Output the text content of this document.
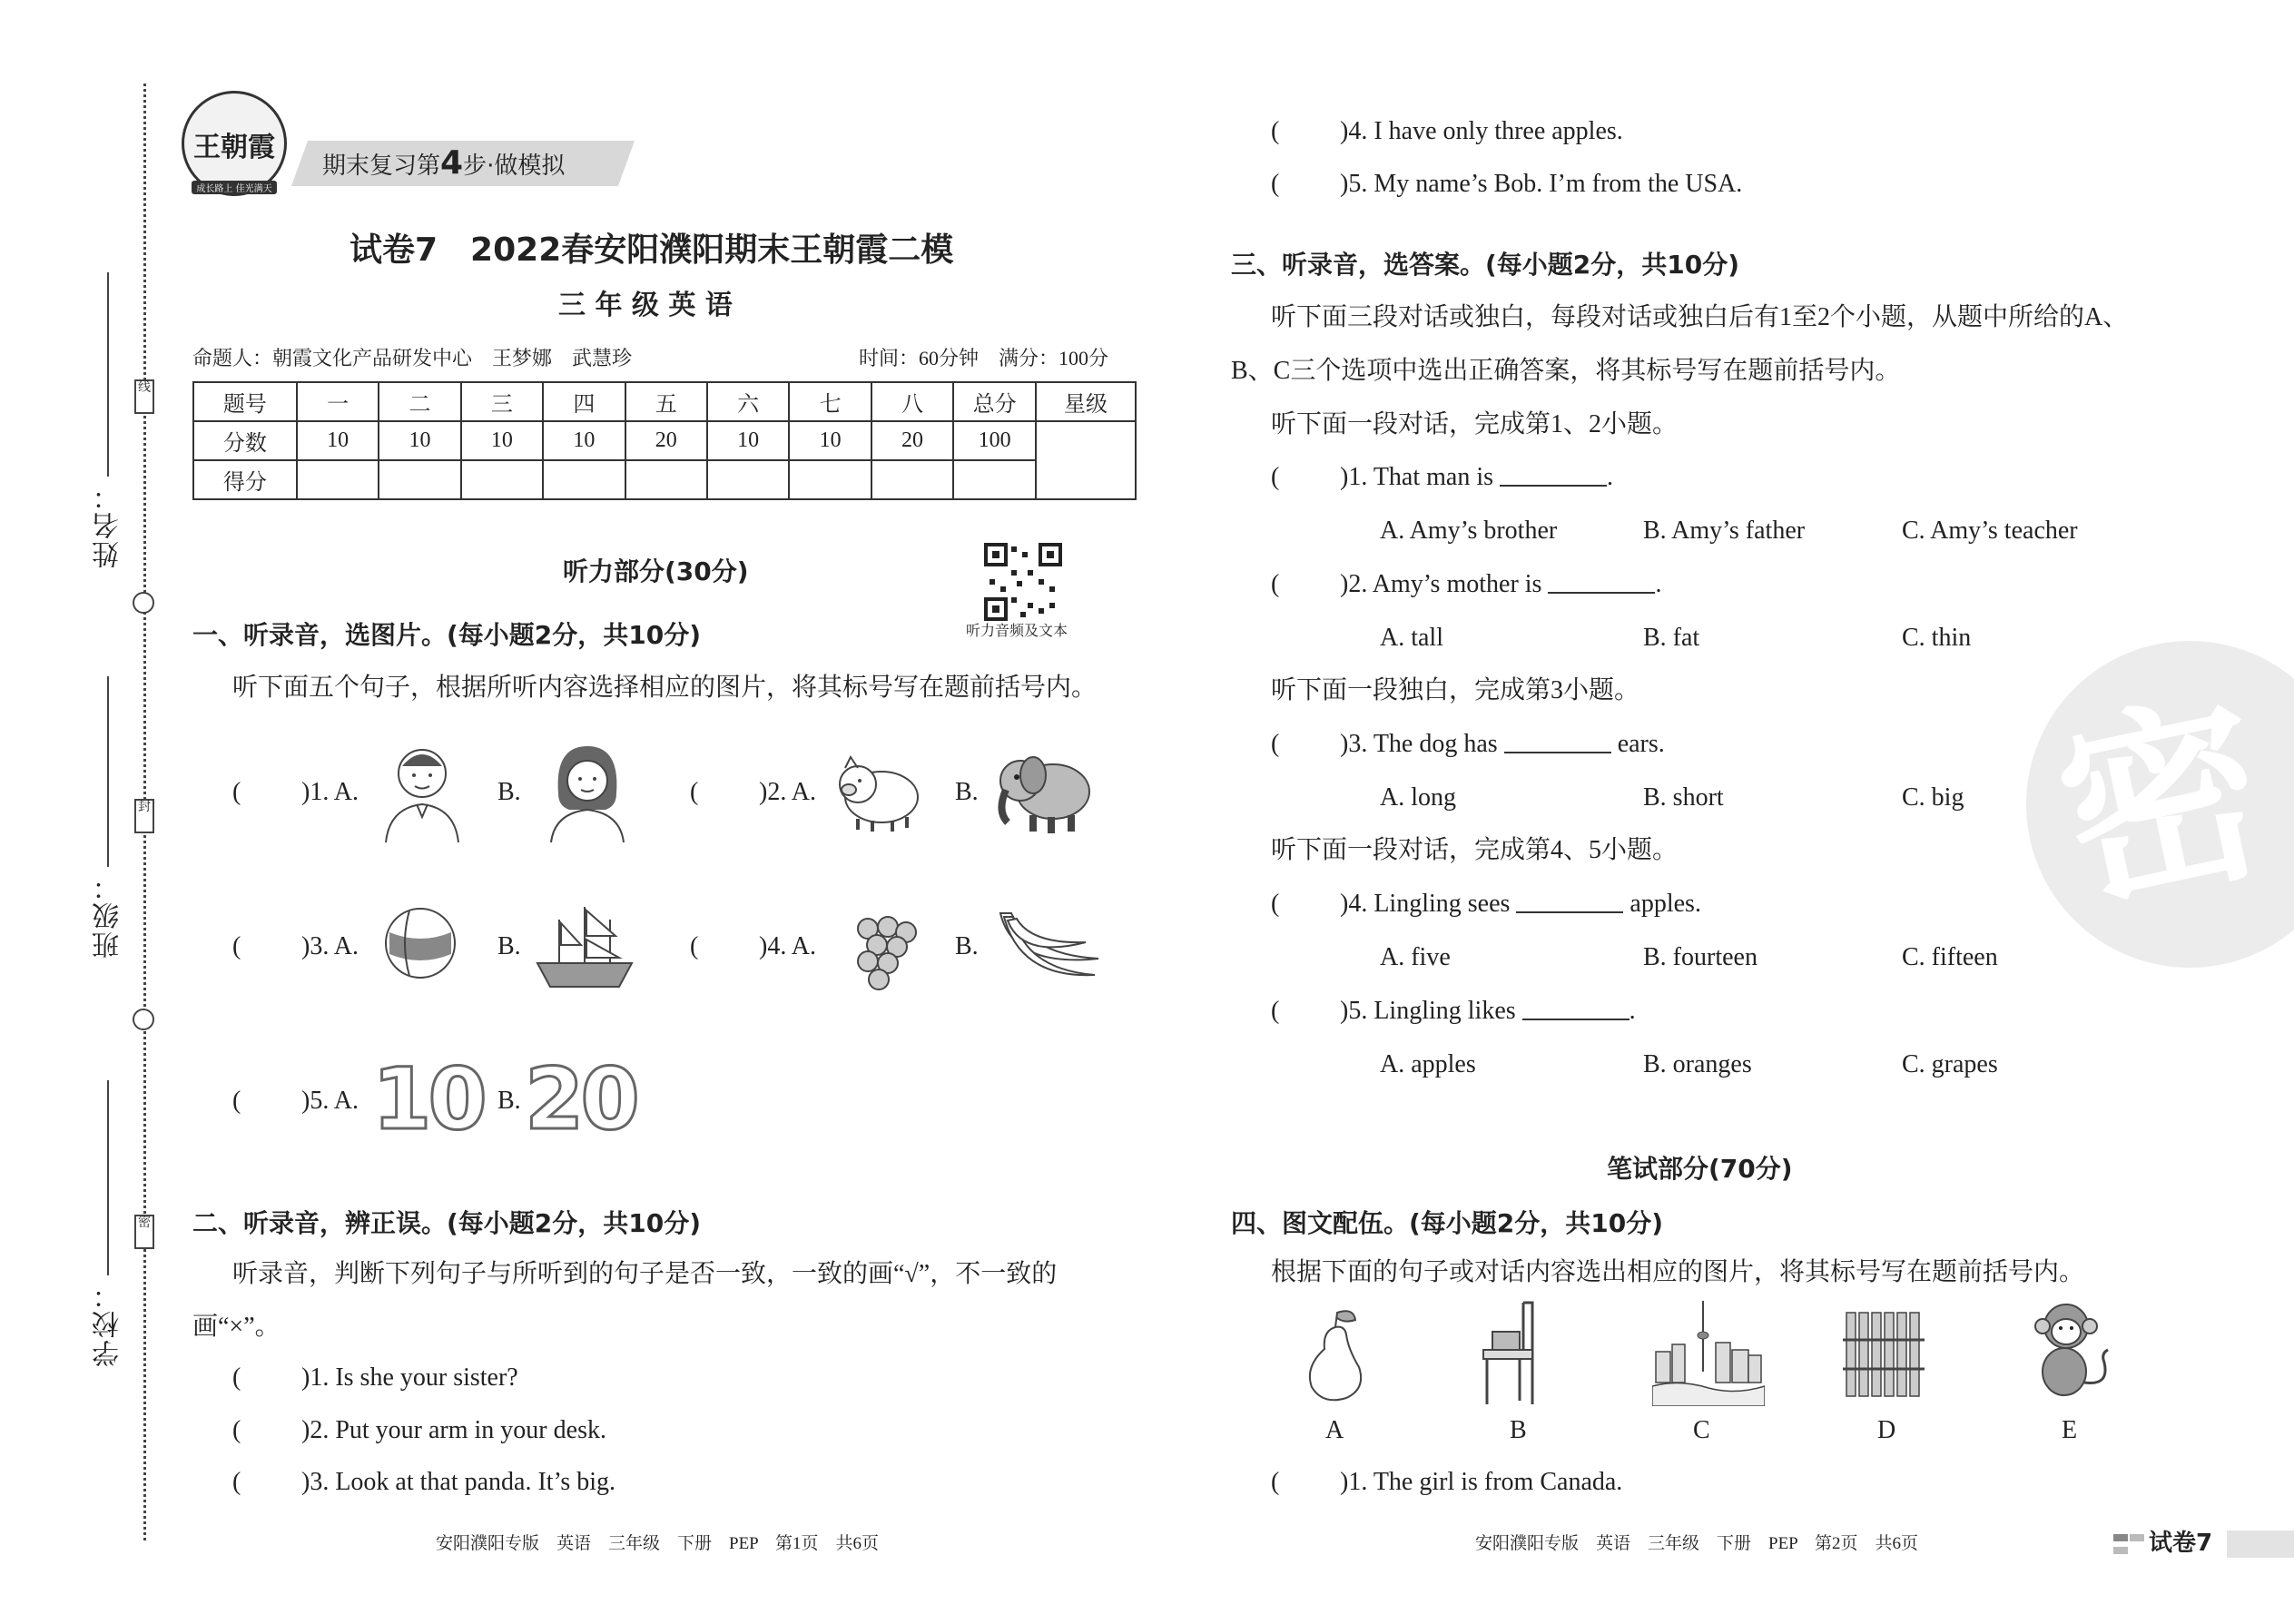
线
封
密
姓名：
班级：
学校：
王朝霞
成长路上 佳光满天
期末复习第4步·做模拟
试卷7　2022春安阳濮阳期末王朝霞二模
三 年 级 英 语
命题人：朝霞文化产品研发中心　王梦娜　武慧珍	时间：60分钟　满分：100分
题号	一	二	三	四	五	六	七	八	总分	星级
分数	10	10	10	10	20	10	10	20	100	
得分										
听力部分(30分)
听力音频及文本
一、听录音，选图片。(每小题2分，共10分)
听下面五个句子，根据所听内容选择相应的图片，将其标号写在题前括号内。
( )1. A.	B.	( )2. A.	B.
( )3. A.	B.	( )4. A.	B.
( )5. A. 10 B. 20
二、听录音，辨正误。(每小题2分，共10分)
听录音，判断下列句子与所听到的句子是否一致，一致的画“√”，不一致的
画“×”。
( )1. Is she your sister?
( )2. Put your arm in your desk.
( )3. Look at that panda. It’s big.
安阳濮阳专版　英语　三年级　下册　PEP　第1页　共6页
密
( )4. I have only three apples.
( )5. My name’s Bob. I’m from the USA.
三、听录音，选答案。(每小题2分，共10分)
听下面三段对话或独白，每段对话或独白后有1至2个小题，从题中所给的A、
B、C三个选项中选出正确答案，将其标号写在题前括号内。
听下面一段对话，完成第1、2小题。
( )1. That man is	.
A. Amy’s brother	B. Amy’s father	C. Amy’s teacher
( )2. Amy’s mother is	.
A. tall	B. fat	C. thin
听下面一段独白，完成第3小题。
( )3. The dog has	ears.
A. long	B. short	C. big
听下面一段对话，完成第4、5小题。
( )4. Lingling sees	apples.
A. five	B. fourteen	C. fifteen
( )5. Lingling likes	.
A. apples	B. oranges	C. grapes
笔试部分(70分)
四、图文配伍。(每小题2分，共10分)
根据下面的句子或对话内容选出相应的图片，将其标号写在题前括号内。
A	B	C	D	E
( )1. The girl is from Canada.
安阳濮阳专版　英语　三年级　下册　PEP　第2页　共6页	试卷7
